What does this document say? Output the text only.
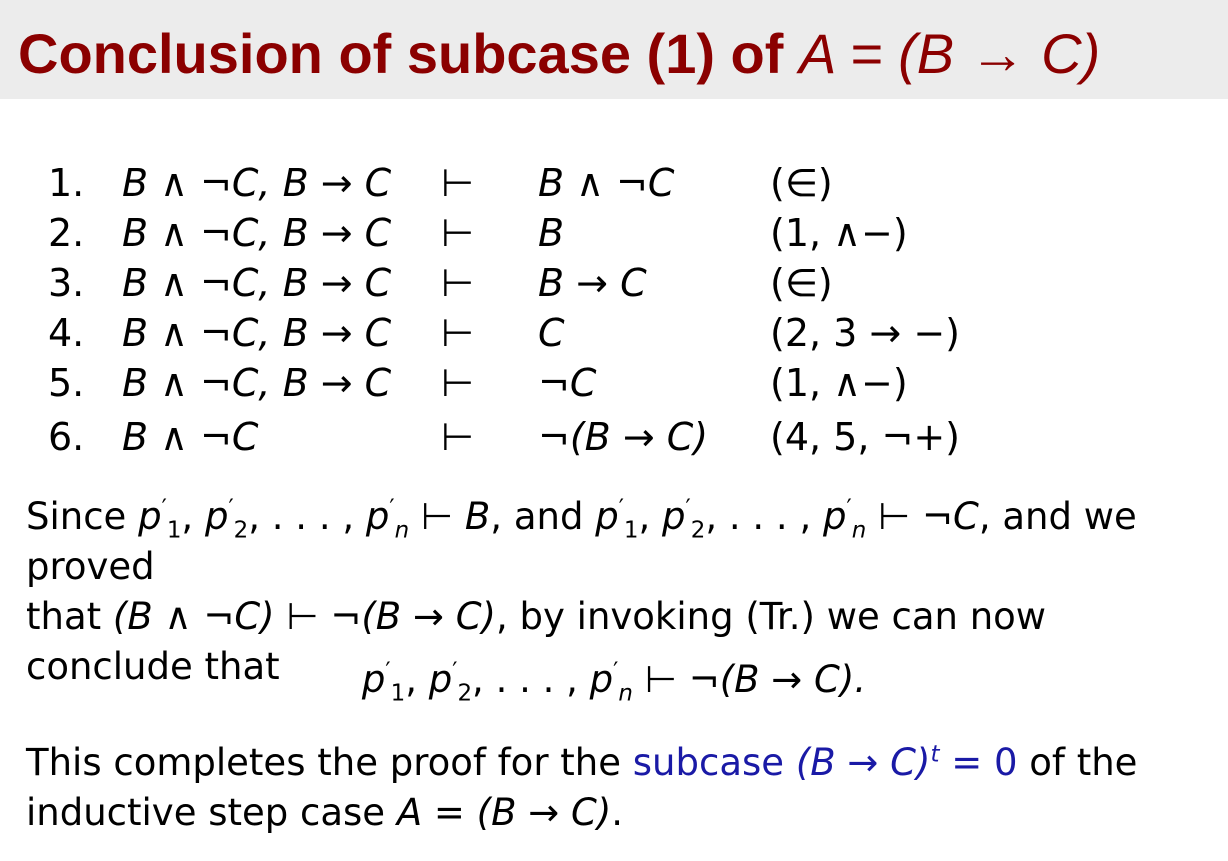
Conclusion of subcase (1) of A = (B → C)
1. B ∧ ¬C, B → C ⊢ B ∧ ¬C	(∈)
2. B ∧ ¬C, B → C ⊢ B	(1, ∧−)
3. B ∧ ¬C, B → C ⊢ B → C	(∈)
4. B ∧ ¬C, B → C ⊢ C	(2, 3 → −)
5. B ∧ ¬C, B → C ⊢ ¬C	(1, ∧−)
6. B ∧ ¬C	⊢ ¬(B → C) (4, 5, ¬+)
Since $p'_1$, $p'_2$, . . . , $p'_n$ ⊢ B, and $p'_1$, $p'_2$, . . . , $p'_n$ ⊢ ¬C, and we proved
that (B ∧ ¬C) ⊢ ¬(B → C), by invoking (Tr.) we can now
conclude that	$p'_1$, $p'_2$, . . . , $p'_n$ ⊢ ¬(B → C).
This completes the proof for the subcase $(B \to C)^t = 0$ of the
inductive step case A = (B → C).
